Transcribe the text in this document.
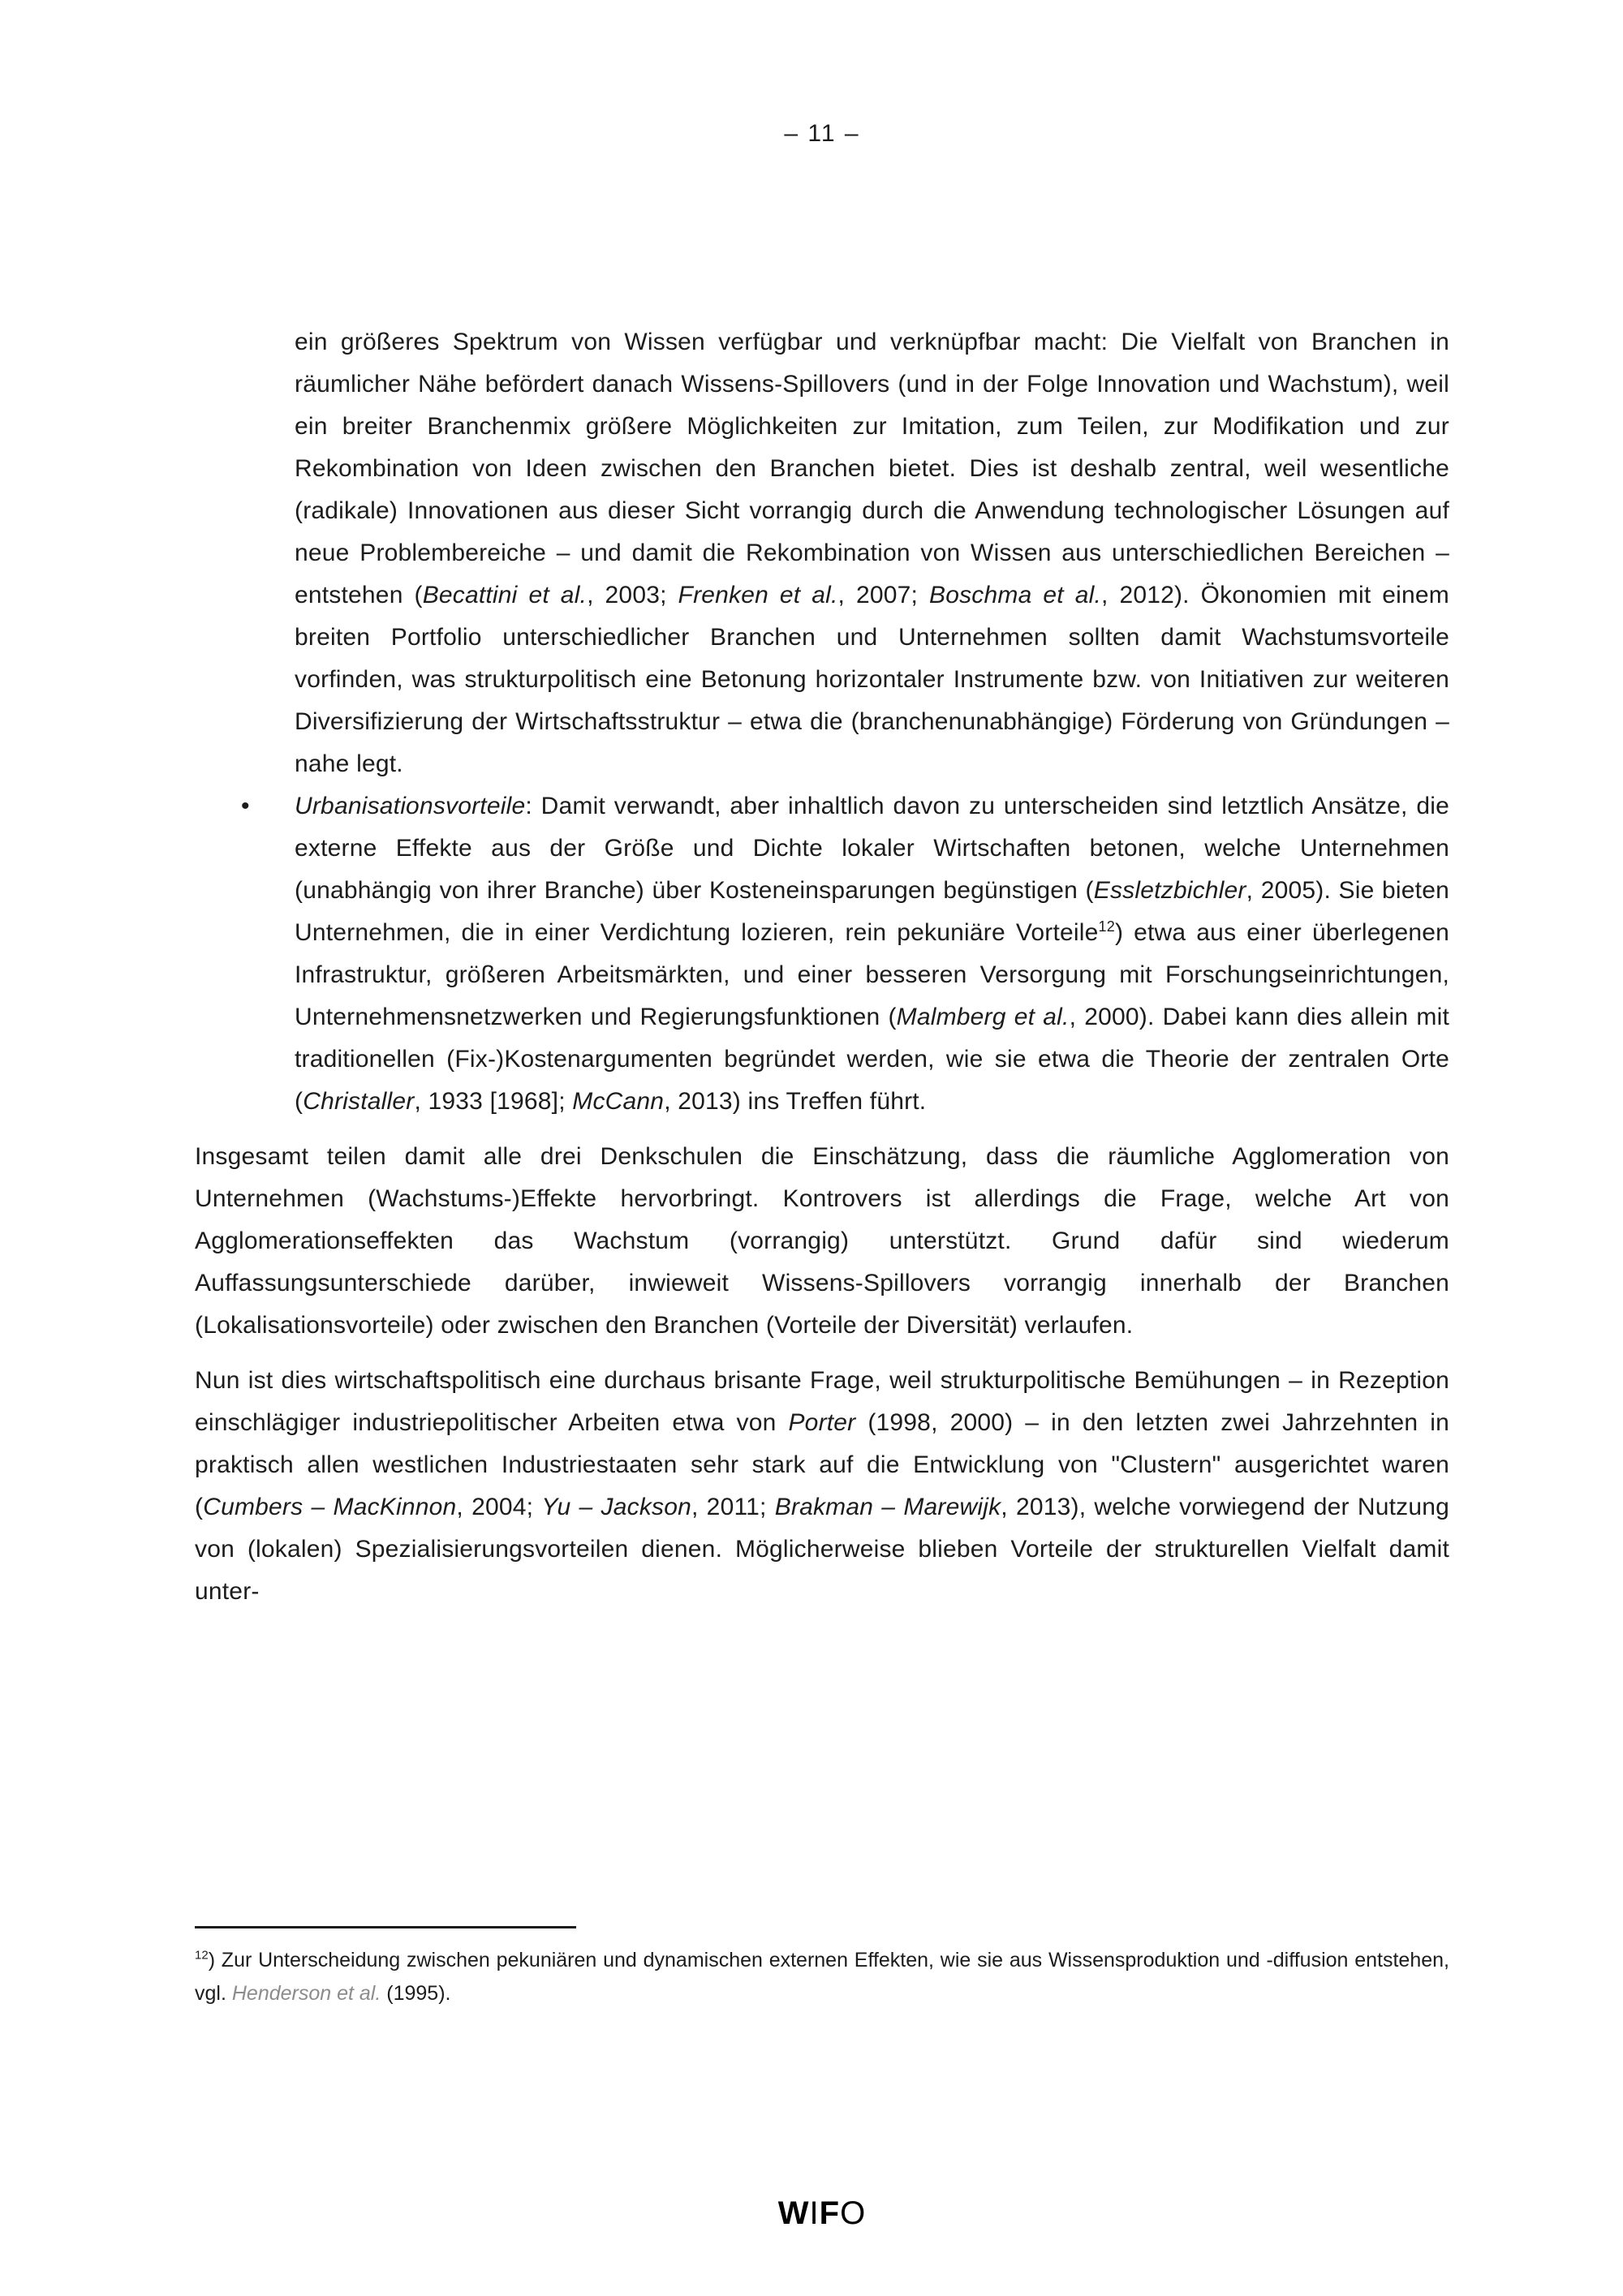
– 11 –

ein größeres Spektrum von Wissen verfügbar und verknüpfbar macht: Die Vielfalt von Branchen in räumlicher Nähe befördert danach Wissens-Spillovers (und in der Folge Innovation und Wachstum), weil ein breiter Branchenmix größere Möglichkeiten zur Imitation, zum Teilen, zur Modifikation und zur Rekombination von Ideen zwischen den Branchen bietet. Dies ist deshalb zentral, weil wesentliche (radikale) Innovationen aus dieser Sicht vorrangig durch die Anwendung technologischer Lösungen auf neue Problembereiche – und damit die Rekombination von Wissen aus unterschiedlichen Bereichen – entstehen (Becattini et al., 2003; Frenken et al., 2007; Boschma et al., 2012). Ökonomien mit einem breiten Portfolio unterschiedlicher Branchen und Unternehmen sollten damit Wachstumsvorteile vorfinden, was strukturpolitisch eine Betonung horizontaler Instrumente bzw. von Initiativen zur weiteren Diversifizierung der Wirtschaftsstruktur – etwa die (branchenunabhängige) Förderung von Gründungen – nahe legt.

• Urbanisationsvorteile: Damit verwandt, aber inhaltlich davon zu unterscheiden sind letztlich Ansätze, die externe Effekte aus der Größe und Dichte lokaler Wirtschaften betonen, welche Unternehmen (unabhängig von ihrer Branche) über Kosteneinsparungen begünstigen (Essletzbichler, 2005). Sie bieten Unternehmen, die in einer Verdichtung lozieren, rein pekuniäre Vorteile$^{12}$) etwa aus einer überlegenen Infrastruktur, größeren Arbeitsmärkten, und einer besseren Versorgung mit Forschungseinrichtungen, Unternehmensnetzwerken und Regierungsfunktionen (Malmberg et al., 2000). Dabei kann dies allein mit traditionellen (Fix-)Kostenargumenten begründet werden, wie sie etwa die Theorie der zentralen Orte (Christaller, 1933 [1968]; McCann, 2013) ins Treffen führt.

Insgesamt teilen damit alle drei Denkschulen die Einschätzung, dass die räumliche Agglomeration von Unternehmen (Wachstums-)Effekte hervorbringt. Kontrovers ist allerdings die Frage, welche Art von Agglomerationseffekten das Wachstum (vorrangig) unterstützt. Grund dafür sind wiederum Auffassungsunterschiede darüber, inwieweit Wissens-Spillovers vorrangig innerhalb der Branchen (Lokalisationsvorteile) oder zwischen den Branchen (Vorteile der Diversität) verlaufen.

Nun ist dies wirtschaftspolitisch eine durchaus brisante Frage, weil strukturpolitische Bemühungen – in Rezeption einschlägiger industriepolitischer Arbeiten etwa von Porter (1998, 2000) – in den letzten zwei Jahrzehnten in praktisch allen westlichen Industriestaaten sehr stark auf die Entwicklung von "Clustern" ausgerichtet waren (Cumbers – MacKinnon, 2004; Yu – Jackson, 2011; Brakman – Marewijk, 2013), welche vorwiegend der Nutzung von (lokalen) Spezialisierungsvorteilen dienen. Möglicherweise blieben Vorteile der strukturellen Vielfalt damit unter-

$^{12}$) Zur Unterscheidung zwischen pekuniären und dynamischen externen Effekten, wie sie aus Wissensproduktion und -diffusion entstehen, vgl. Henderson et al. (1995).
WIFO
